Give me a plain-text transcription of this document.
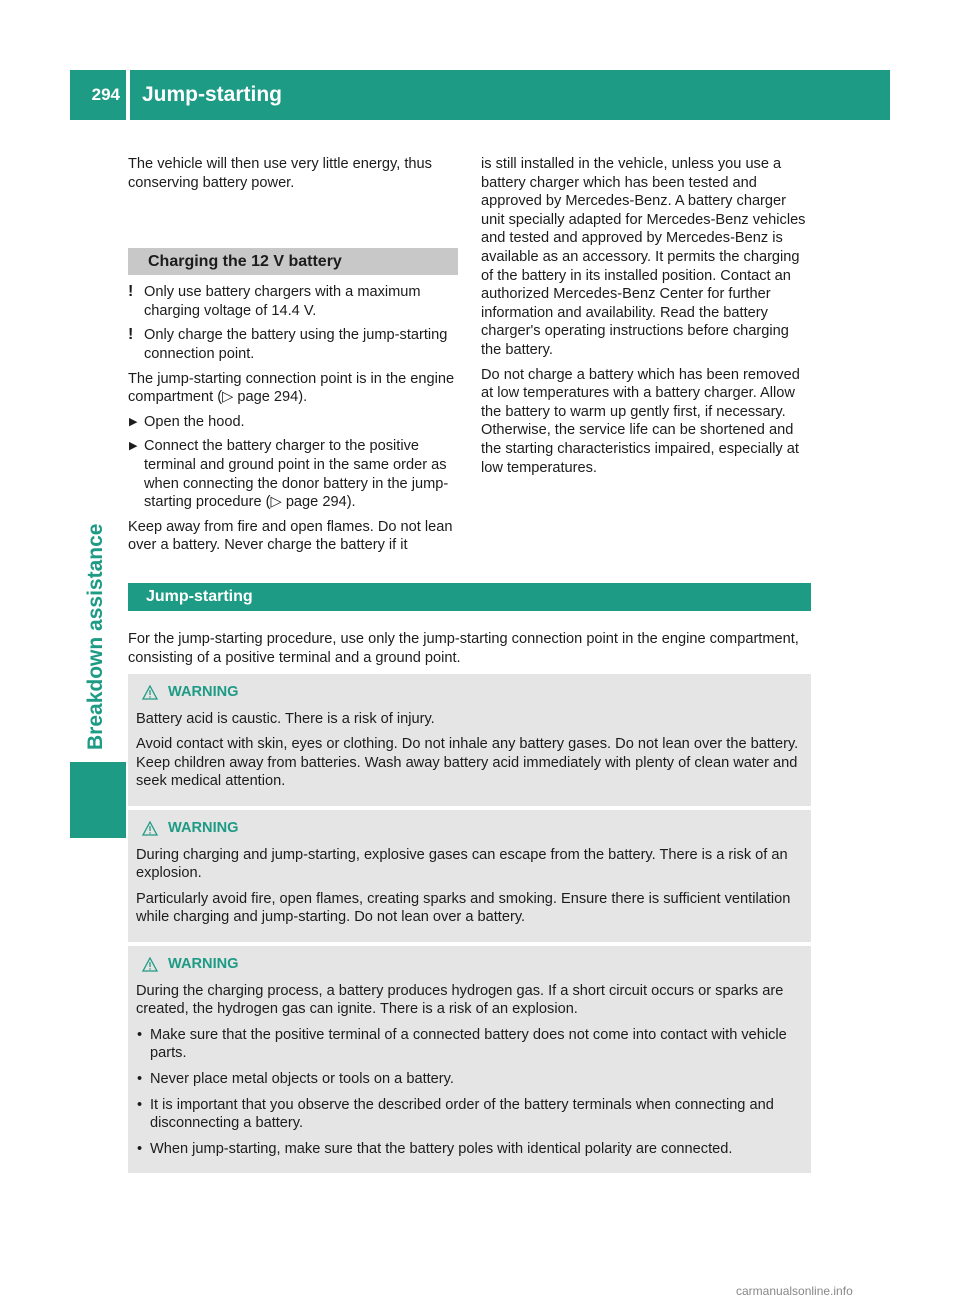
294	Jump-starting
Breakdown assistance

The vehicle will then use very little energy, thus conserving battery power.

Charging the 12 V battery
! Only use battery chargers with a maximum charging voltage of 14.4 V.
! Only charge the battery using the jump-starting connection point.

The jump-starting connection point is in the engine compartment (▷ page 294).

▶ Open the hood.
▶ Connect the battery charger to the positive terminal and ground point in the same order as when connecting the donor battery in the jump-starting procedure (▷ page 294).

Keep away from fire and open flames. Do not lean over a battery. Never charge the battery if it

is still installed in the vehicle, unless you use a battery charger which has been tested and approved by Mercedes-Benz. A battery charger unit specially adapted for Mercedes-Benz vehicles and tested and approved by Mercedes-Benz is available as an accessory. It permits the charging of the battery in its installed position. Contact an authorized Mercedes-Benz Center for further information and availability. Read the battery charger's operating instructions before charging the battery.

Do not charge a battery which has been removed at low temperatures with a battery charger. Allow the battery to warm up gently first, if necessary. Otherwise, the service life can be shortened and the starting characteristics impaired, especially at low temperatures.

Jump-starting

For the jump-starting procedure, use only the jump-starting connection point in the engine compartment, consisting of a positive terminal and a ground point.

WARNING

Battery acid is caustic. There is a risk of injury.

Avoid contact with skin, eyes or clothing. Do not inhale any battery gases. Do not lean over the battery. Keep children away from batteries. Wash away battery acid immediately with plenty of clean water and seek medical attention.

WARNING

During charging and jump-starting, explosive gases can escape from the battery. There is a risk of an explosion.

Particularly avoid fire, open flames, creating sparks and smoking. Ensure there is sufficient ventilation while charging and jump-starting. Do not lean over a battery.

WARNING

During the charging process, a battery produces hydrogen gas. If a short circuit occurs or sparks are created, the hydrogen gas can ignite. There is a risk of an explosion.

• Make sure that the positive terminal of a connected battery does not come into contact with vehicle parts.
• Never place metal objects or tools on a battery.
• It is important that you observe the described order of the battery terminals when connecting and disconnecting a battery.
• When jump-starting, make sure that the battery poles with identical polarity are connected.
carmanualsonline.info
